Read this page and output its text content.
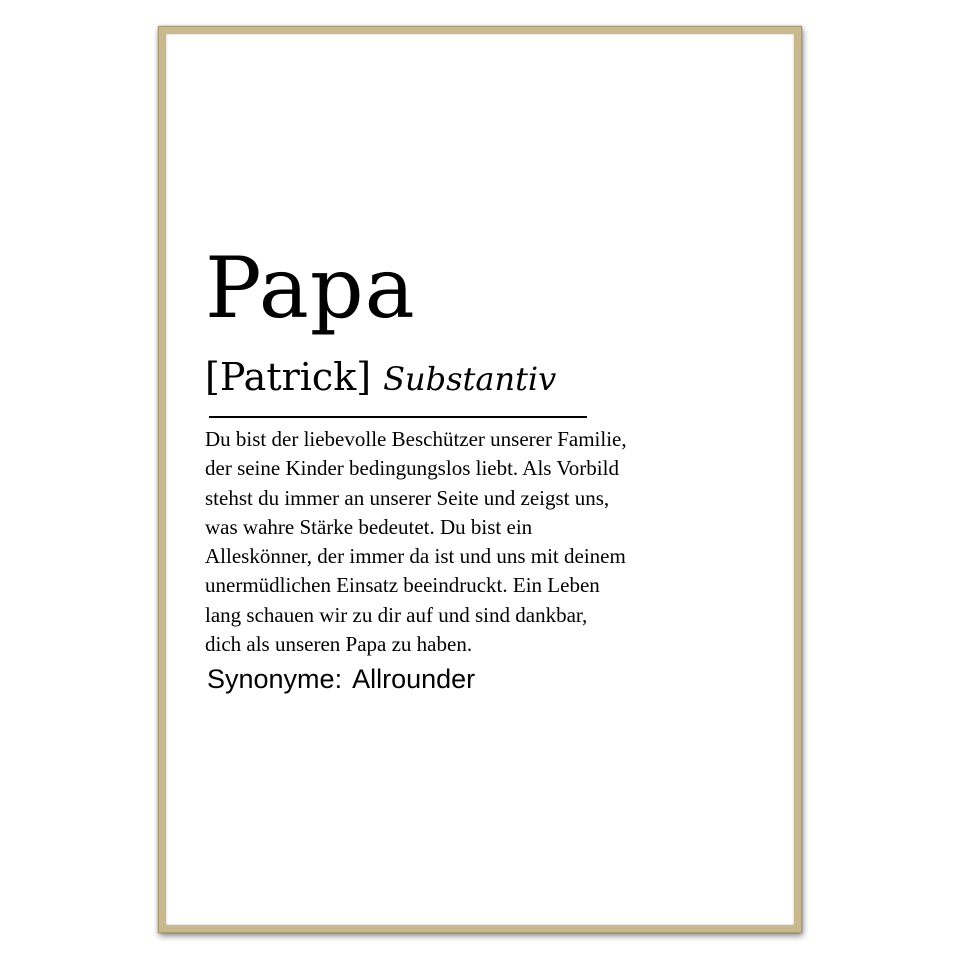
Papa
[Patrick] Substantiv

Du bist der liebevolle Beschützer unserer Familie,
der seine Kinder bedingungslos liebt. Als Vorbild
stehst du immer an unserer Seite und zeigst uns,
was wahre Stärke bedeutet. Du bist ein
Alleskönner, der immer da ist und uns mit deinem
unermüdlichen Einsatz beeindruckt. Ein Leben
lang schauen wir zu dir auf und sind dankbar,
dich als unseren Papa zu haben.

Synonyme: Allrounder
